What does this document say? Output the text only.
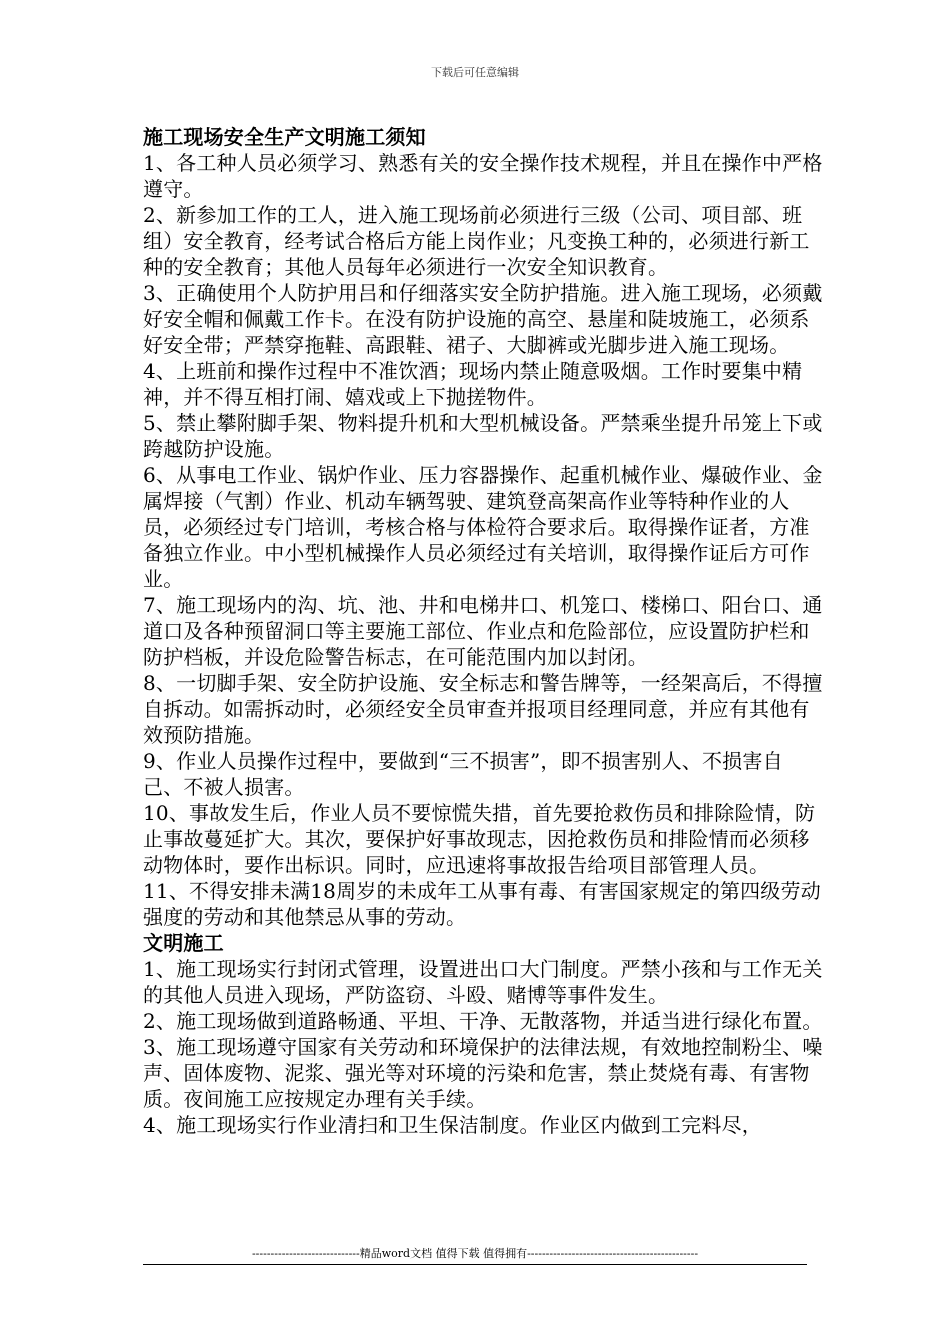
下载后可任意编辑

施工现场安全生产文明施工须知

1、各工种人员必须学习、熟悉有关的安全操作技术规程，并且在操作中严格遵守。

2、新参加工作的工人，进入施工现场前必须进行三级（公司、项目部、班组）安全教育，经考试合格后方能上岗作业；凡变换工种的，必须进行新工种的安全教育；其他人员每年必须进行一次安全知识教育。

3、正确使用个人防护用吕和仔细落实安全防护措施。进入施工现场，必须戴好安全帽和佩戴工作卡。在没有防护设施的高空、悬崖和陡坡施工，必须系好安全带；严禁穿拖鞋、高跟鞋、裙子、大脚裤或光脚步进入施工现场。

4、上班前和操作过程中不准饮酒；现场内禁止随意吸烟。工作时要集中精神，并不得互相打闹、嬉戏或上下抛搓物件。

5、禁止攀附脚手架、物料提升机和大型机械设备。严禁乘坐提升吊笼上下或跨越防护设施。

6、从事电工作业、锅炉作业、压力容器操作、起重机械作业、爆破作业、金属焊接（气割）作业、机动车辆驾驶、建筑登高架高作业等特种作业的人员，必须经过专门培训，考核合格与体检符合要求后。取得操作证者，方准备独立作业。中小型机械操作人员必须经过有关培训，取得操作证后方可作业。

7、施工现场内的沟、坑、池、井和电梯井口、机笼口、楼梯口、阳台口、通道口及各种预留洞口等主要施工部位、作业点和危险部位，应设置防护栏和防护档板，并设危险警告标志，在可能范围内加以封闭。

8、一切脚手架、安全防护设施、安全标志和警告牌等，一经架高后，不得擅自拆动。如需拆动时，必须经安全员审查并报项目经理同意，并应有其他有效预防措施。

9、作业人员操作过程中，要做到“三不损害”，即不损害别人、不损害自己、不被人损害。

10、事故发生后，作业人员不要惊慌失措，首先要抢救伤员和排除险情，防止事故蔓延扩大。其次，要保护好事故现志，因抢救伤员和排险情而必须移动物体时，要作出标识。同时，应迅速将事故报告给项目部管理人员。

11、不得安排未满18周岁的未成年工从事有毒、有害国家规定的第四级劳动强度的劳动和其他禁忌从事的劳动。

文明施工

1、施工现场实行封闭式管理，设置进出口大门制度。严禁小孩和与工作无关的其他人员进入现场，严防盗窃、斗殴、赌博等事件发生。

2、施工现场做到道路畅通、平坦、干净、无散落物，并适当进行绿化布置。

3、施工现场遵守国家有关劳动和环境保护的法律法规，有效地控制粉尘、噪声、固体废物、泥浆、强光等对环境的污染和危害，禁止焚烧有毒、有害物质。夜间施工应按规定办理有关手续。

4、施工现场实行作业清扫和卫生保洁制度。作业区内做到工完料尽，

-----------------------------精品word文档 值得下载 值得拥有----------------------------------------------
